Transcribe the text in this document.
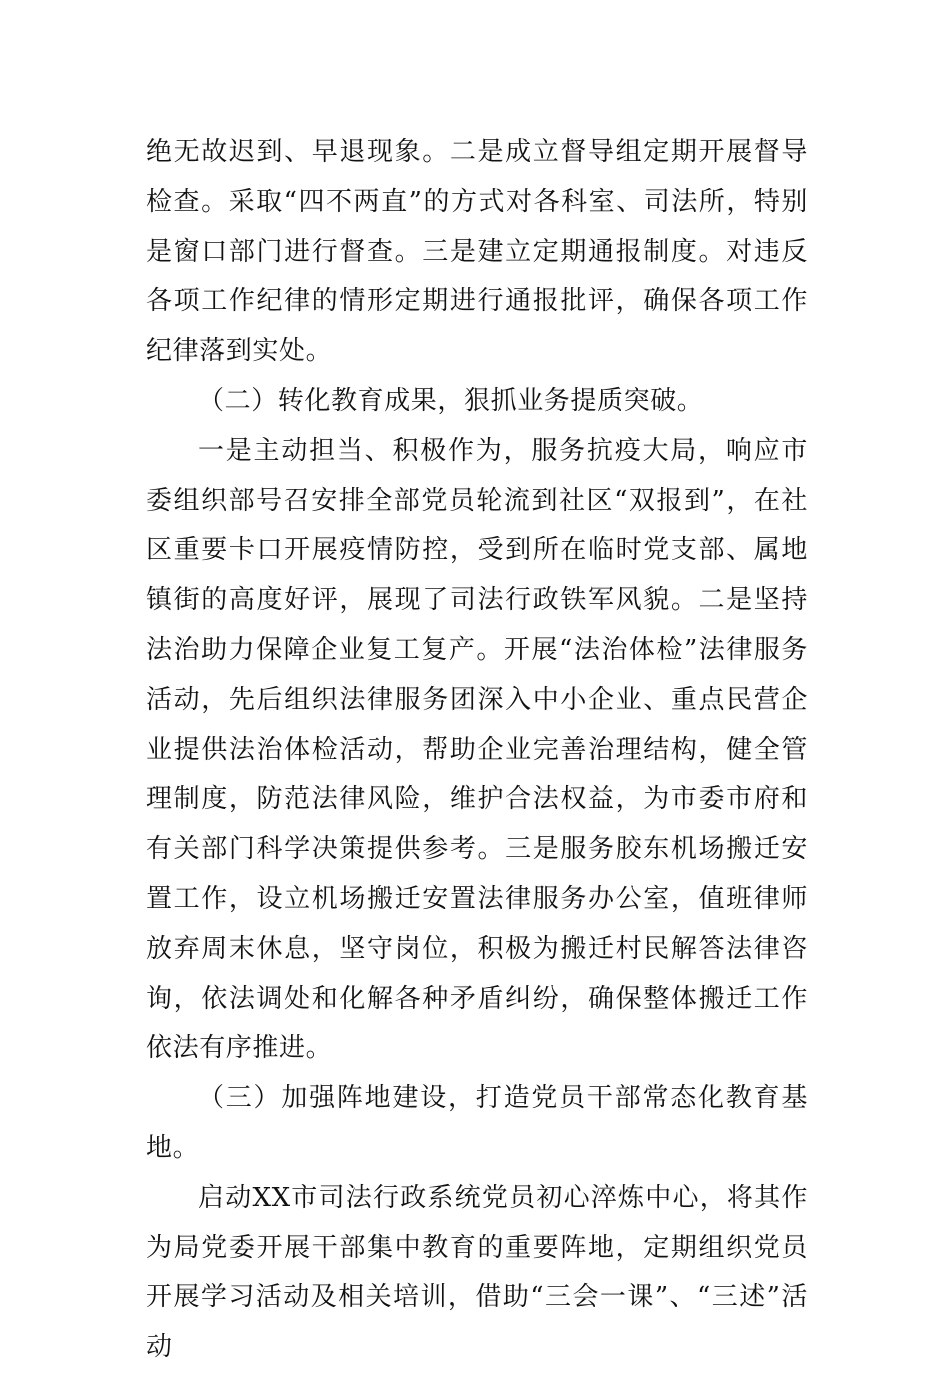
绝无故迟到、早退现象。二是成立督导组定期开展督导检查。采取“四不两直”的方式对各科室、司法所，特别是窗口部门进行督查。三是建立定期通报制度。对违反各项工作纪律的情形定期进行通报批评，确保各项工作纪律落到实处。

（二）转化教育成果，狠抓业务提质突破。

一是主动担当、积极作为，服务抗疫大局，响应市委组织部号召安排全部党员轮流到社区“双报到”，在社区重要卡口开展疫情防控，受到所在临时党支部、属地镇街的高度好评，展现了司法行政铁军风貌。二是坚持法治助力保障企业复工复产。开展“法治体检”法律服务活动，先后组织法律服务团深入中小企业、重点民营企业提供法治体检活动，帮助企业完善治理结构，健全管理制度，防范法律风险，维护合法权益，为市委市府和有关部门科学决策提供参考。三是服务胶东机场搬迁安置工作，设立机场搬迁安置法律服务办公室，值班律师放弃周末休息，坚守岗位，积极为搬迁村民解答法律咨询，依法调处和化解各种矛盾纠纷，确保整体搬迁工作依法有序推进。

（三）加强阵地建设，打造党员干部常态化教育基地。

启动XX市司法行政系统党员初心淬炼中心，将其作为局党委开展干部集中教育的重要阵地，定期组织党员开展学习活动及相关培训，借助“三会一课”、“三述”活动
